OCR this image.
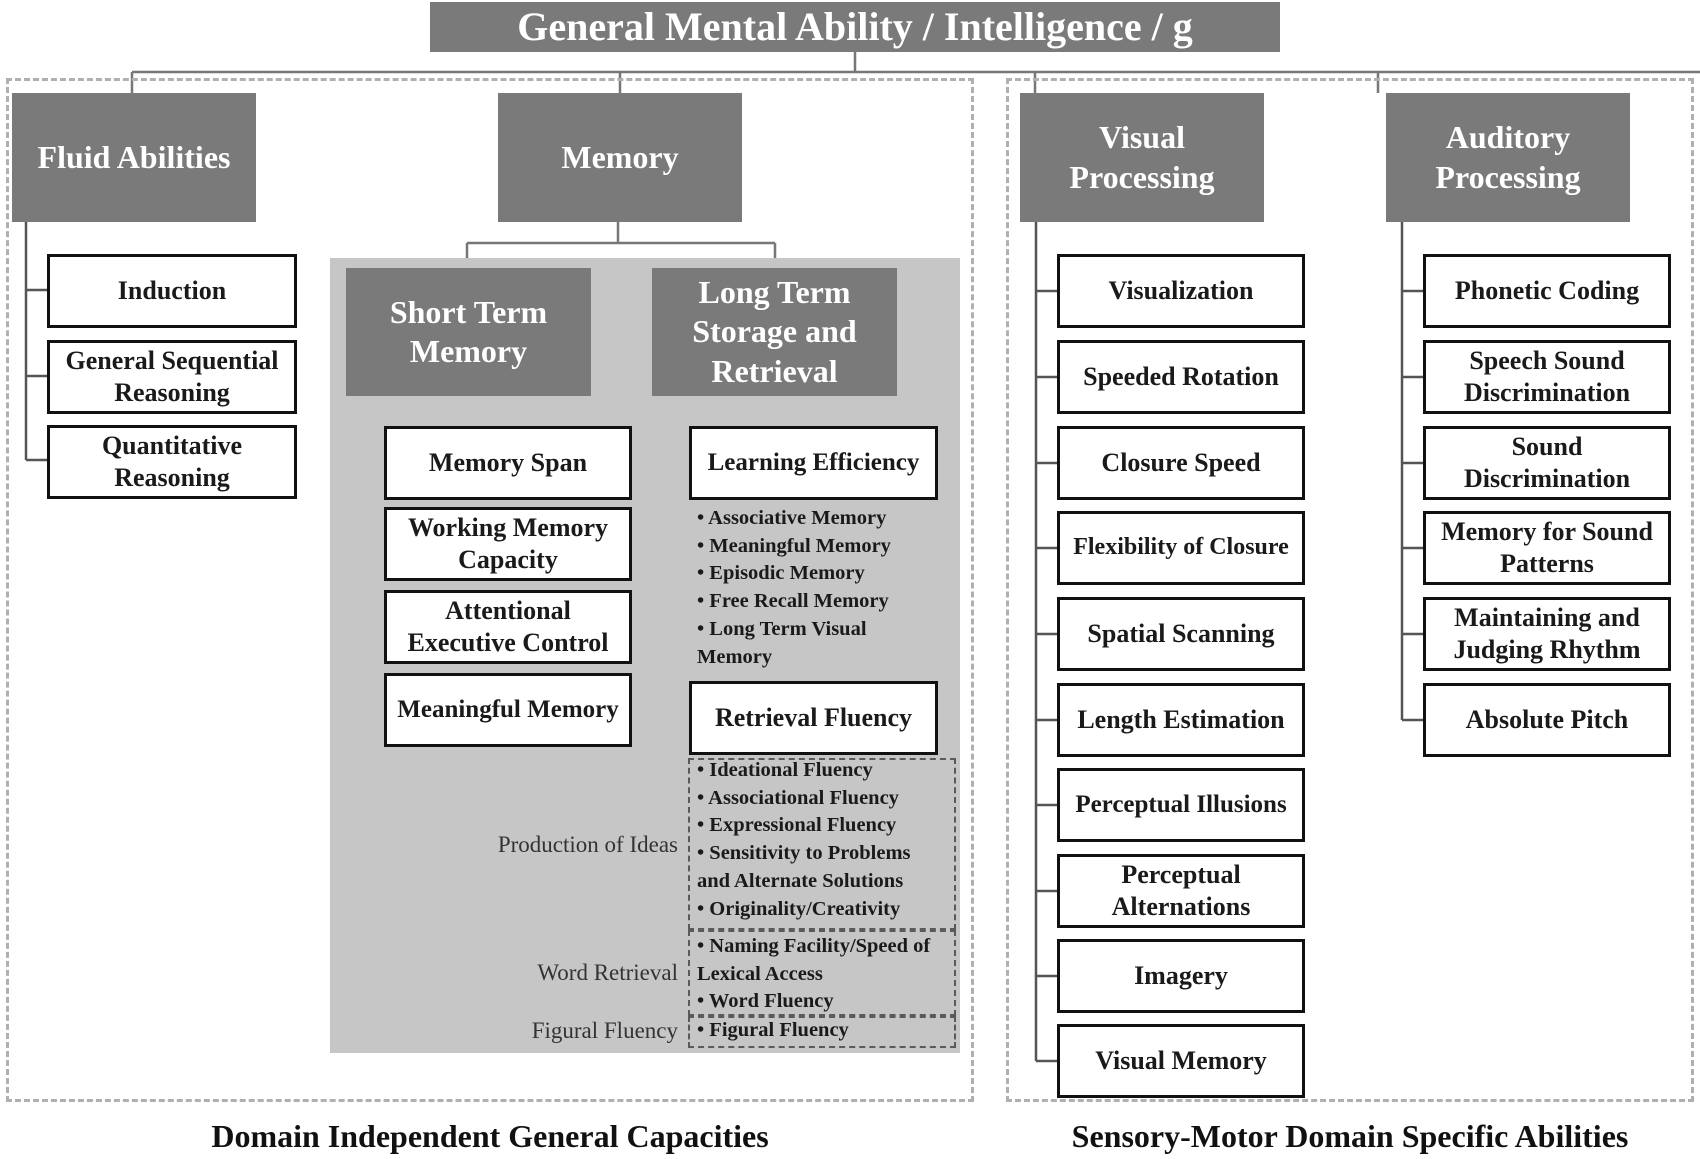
General Mental Ability / Intelligence / g
Fluid Abilities	Memory
Visual Processing
Auditory Processing
Short Term Memory
Long Term Storage and Retrieval
Induction
General Sequential Reasoning
Quantitative Reasoning
Memory Span
Working Memory Capacity
Attentional Executive Control
Meaningful Memory
Learning Efficiency
• Associative Memory
• Meaningful Memory
• Episodic Memory
• Free Recall Memory
• Long Term Visual
Memory
Retrieval Fluency
• Ideational Fluency
• Associational Fluency
• Expressional Fluency
• Sensitivity to Problems
and Alternate Solutions
• Originality/Creativity
Production of Ideas
• Naming Facility/Speed of
Lexical Access
• Word Fluency
Word Retrieval
• Figural Fluency
Figural Fluency
Visualization
Speeded Rotation
Closure Speed
Flexibility of Closure
Spatial Scanning
Length Estimation
Perceptual Illusions
Perceptual Alternations
Imagery
Visual Memory
Phonetic Coding
Speech Sound Discrimination
Sound Discrimination
Memory for Sound Patterns
Maintaining and Judging Rhythm
Absolute Pitch
Domain Independent General Capacities	Sensory-Motor Domain Specific Abilities
